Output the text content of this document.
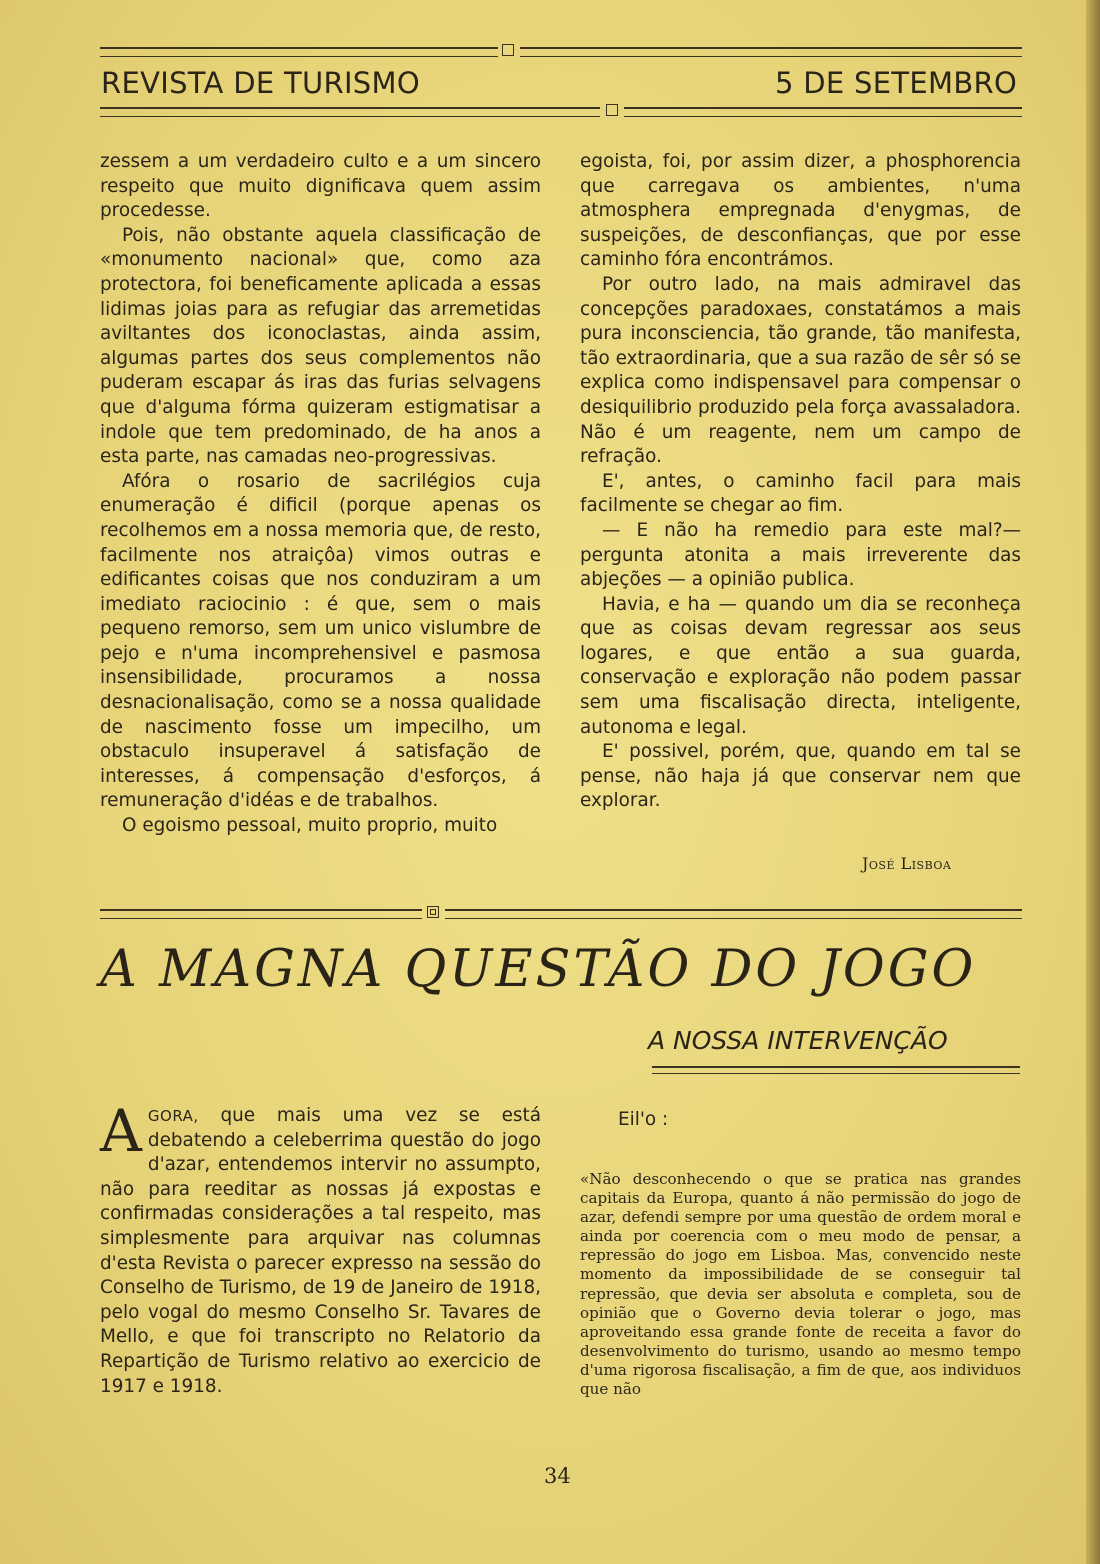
REVISTA DE TURISMO	5 DE SETEMBRO

zessem a um verdadeiro culto e a um sincero respeito que muito dignificava quem assim procedesse.

Pois, não obstante aquela classificação de «monumento nacional» que, como aza protectora, foi beneficamente aplicada a essas lidimas joias para as refugiar das arremetidas aviltantes dos iconoclastas, ainda assim, algumas partes dos seus complementos não puderam escapar ás iras das furias selvagens que d'alguma fórma quizeram estigmatisar a indole que tem predominado, de ha anos a esta parte, nas camadas neo-progressivas.

Afóra o rosario de sacrilégios cuja enumeração é dificil (porque apenas os recolhemos em a nossa memoria que, de resto, facilmente nos atraiçôa) vimos outras e edificantes coisas que nos conduziram a um imediato raciocinio : é que, sem o mais pequeno remorso, sem um unico vislumbre de pejo e n'uma incomprehensivel e pasmosa insensibilidade, procuramos a nossa desnacionalisação, como se a nossa qualidade de nascimento fosse um impecilho, um obstaculo insuperavel á satisfação de interesses, á compensação d'esforços, á remuneração d'idéas e de trabalhos.

O egoismo pessoal, muito proprio, muito

egoista, foi, por assim dizer, a phosphorencia que carregava os ambientes, n'uma atmosphera empregnada d'enygmas, de suspeições, de desconfianças, que por esse caminho fóra encontrámos.

Por outro lado, na mais admiravel das concepções paradoxaes, constatámos a mais pura inconsciencia, tão grande, tão manifesta, tão extraordinaria, que a sua razão de sêr só se explica como indispensavel para compensar o desiquilibrio produzido pela força avassaladora. Não é um reagente, nem um campo de refração.

E', antes, o caminho facil para mais facilmente se chegar ao fim.

— E não ha remedio para este mal?— pergunta atonita a mais irreverente das abjeções — a opinião publica.

Havia, e ha — quando um dia se reconheça que as coisas devam regressar aos seus logares, e que então a sua guarda, conservação e exploração não podem passar sem uma fiscalisação directa, inteligente, autonoma e legal.

E' possivel, porém, que, quando em tal se pense, não haja já que conservar nem que explorar.

José Lisboa
A MAGNA QUESTÃO DO JOGO
A NOSSA INTERVENÇÃO

AGORA, que mais uma vez se está debatendo a celeberrima questão do jogo d'azar, entendemos intervir no assumpto, não para reeditar as nossas já expostas e confirmadas considerações a tal respeito, mas simplesmente para arquivar nas columnas d'esta Revista o parecer expresso na sessão do Conselho de Turismo, de 19 de Janeiro de 1918, pelo vogal do mesmo Conselho Sr. Tavares de Mello, e que foi transcripto no Relatorio da Repartição de Turismo relativo ao exercicio de 1917 e 1918.

Eil'o :
«Não desconhecendo o que se pratica nas grandes capitais da Europa, quanto á não permissão do jogo de azar, defendi sempre por uma questão de ordem moral e ainda por coerencia com o meu modo de pensar, a repressão do jogo em Lisboa. Mas, convencido neste momento da impossibilidade de se conseguir tal repressão, que devia ser absoluta e completa, sou de opinião que o Governo devia tolerar o jogo, mas aproveitando essa grande fonte de receita a favor do desenvolvimento do turismo, usando ao mesmo tempo d'uma rigorosa fiscalisação, a fim de que, aos individuos que não
34
